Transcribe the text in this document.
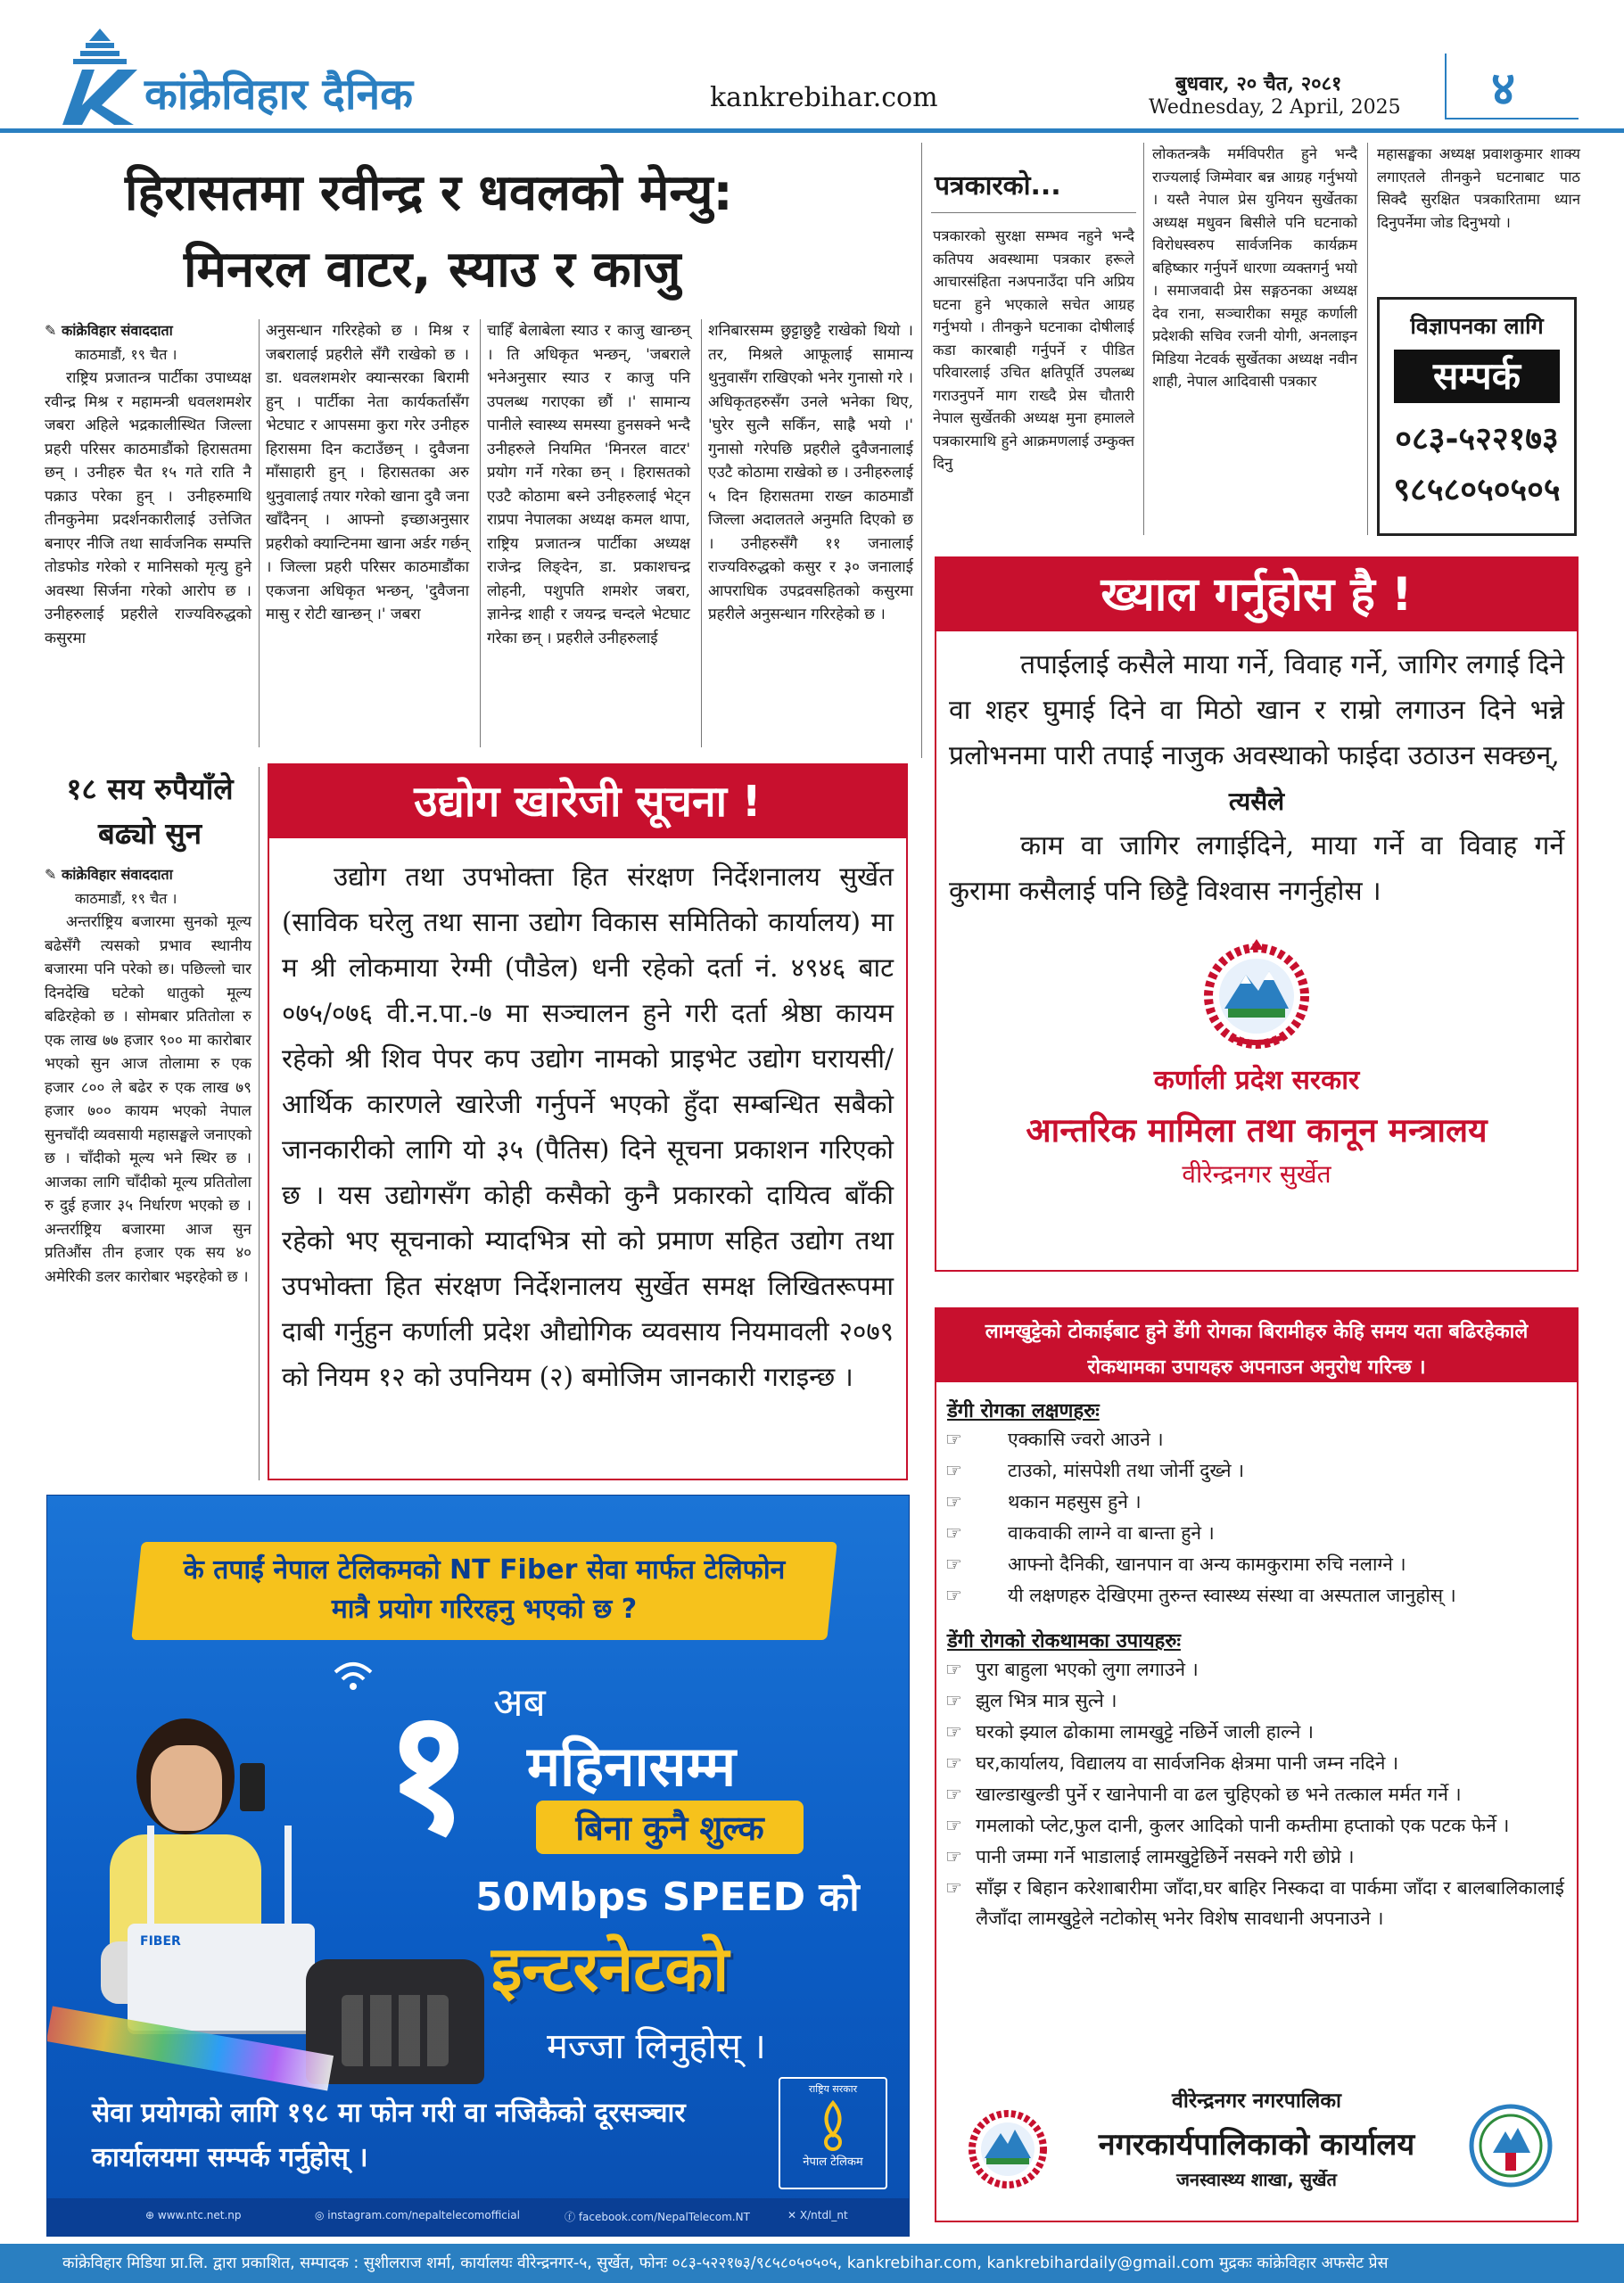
कांक्रेविहार दैनिक	kankrebihar.com	बुधवार, २० चैत, २०८१
Wednesday, 2 April, 2025 ४
हिरासतमा रवीन्द्र र धवलको मेन्यु:
मिनरल वाटर, स्याउ र काजु
✎ कांक्रेविहार संवाददाता
काठमाडौं, १९ चैत ।

राष्ट्रिय प्रजातन्त्र पार्टीका उपाध्यक्ष रवीन्द्र मिश्र र महामन्त्री धवलशमशेर जबरा अहिले भद्रकालीस्थित जिल्ला प्रहरी परिसर काठमाडौंको हिरासतमा छन् । उनीहरु चैत १५ गते राति नै पक्राउ परेका हुन् । उनीहरुमाथि तीनकुनेमा प्रदर्शनकारीलाई उत्तेजित बनाएर नीजि तथा सार्वजनिक सम्पत्ति तोडफोड गरेको र मानिसको मृत्यु हुने अवस्था सिर्जना गरेको आरोप छ । उनीहरुलाई प्रहरीले राज्यविरुद्धको कसुरमा

अनुसन्धान गरिरहेको छ । मिश्र र जबरालाई प्रहरीले सँगै राखेको छ । डा. धवलशमशेर क्यान्सरका बिरामी हुन् । पार्टीका नेता कार्यकर्तासँग भेटघाट र आपसमा कुरा गरेर उनीहरु हिरासमा दिन कटाउँछन् । दुवैजना माँसाहारी हुन् । हिरासतका अरु थुनुवालाई तयार गरेको खाना दुवै जना खाँदैनन् । आफ्नो इच्छाअनुसार प्रहरीको क्यान्टिनमा खाना अर्डर गर्छन् । जिल्ला प्रहरी परिसर काठमाडौंका एकजना अधिकृत भन्छन्, 'दुवैजना मासु र रोटी खान्छन् ।' जबरा

चाहिँ बेलाबेला स्याउ र काजु खान्छन् । ति अधिकृत भन्छन्, 'जबराले भनेअनुसार स्याउ र काजु पनि उपलब्ध गराएका छौं ।' सामान्य पानीले स्वास्थ्य समस्या हुनसक्ने भन्दै उनीहरुले नियमित 'मिनरल वाटर' प्रयोग गर्ने गरेका छन् । हिरासतको एउटै कोठामा बस्ने उनीहरुलाई भेट्न राप्रपा नेपालका अध्यक्ष कमल थापा, राष्ट्रिय प्रजातन्त्र पार्टीका अध्यक्ष राजेन्द्र लिङ्देन, डा. प्रकाशचन्द्र लोहनी, पशुपति शमशेर जबरा, ज्ञानेन्द्र शाही र जयन्द्र चन्दले भेटघाट गरेका छन् । प्रहरीले उनीहरुलाई

शनिबारसम्म छुट्टाछुट्टै राखेको थियो । तर, मिश्रले आफूलाई सामान्य थुनुवासँग राखिएको भनेर गुनासो गरे । अधिकृतहरुसँग उनले भनेका थिए, 'घुरेर सुत्नै सकिँन, साह्रै भयो ।' गुनासो गरेपछि प्रहरीले दुवैजनालाई एउटै कोठामा राखेको छ । उनीहरुलाई ५ दिन हिरासतमा राख्न काठमाडौं जिल्ला अदालतले अनुमति दिएको छ । उनीहरुसँगै ११ जनालाई राज्यविरुद्धको कसुर र ३० जनालाई आपराधिक उपद्रवसहितको कसुरमा प्रहरीले अनुसन्धान गरिरहेको छ ।

१८ सय रुपैयाँले बढ्यो सुन
✎ कांक्रेविहार संवाददाता
काठमाडौं, १९ चैत ।

अन्तर्राष्ट्रिय बजारमा सुनको मूल्य बढेसँगै त्यसको प्रभाव स्थानीय बजारमा पनि परेको छ। पछिल्लो चार दिनदेखि घटेको धातुको मूल्य बढिरहेको छ । सोमबार प्रतितोला रु एक लाख ७७ हजार ९०० मा कारोबार भएको सुन आज तोलामा रु एक हजार ८०० ले बढेर रु एक लाख ७९ हजार ७०० कायम भएको नेपाल सुनचाँदी व्यवसायी महासङ्घले जनाएको छ । चाँदीको मूल्य भने स्थिर छ । आजका लागि चाँदीको मूल्य प्रतितोला रु दुई हजार ३५ निर्धारण भएको छ । अन्तर्राष्ट्रिय बजारमा आज सुन प्रतिऔंस तीन हजार एक सय ४० अमेरिकी डलर कारोबार भइरहेको छ ।

उद्योग खारेजी सूचना !
उद्योग तथा उपभोक्ता हित संरक्षण निर्देशनालय सुर्खेत (साविक घरेलु तथा साना उद्योग विकास समितिको कार्यालय) मा म श्री लोकमाया रेग्मी (पौडेल) धनी रहेको दर्ता नं. ४९४६ बाट ०७५/०७६ वी.न.पा.-७ मा सञ्चालन हुने गरी दर्ता श्रेष्ठा कायम रहेको श्री शिव पेपर कप उद्योग नामको प्राइभेट उद्योग घरायसी/आर्थिक कारणले खारेजी गर्नुपर्ने भएको हुँदा सम्बन्धित सबैको जानकारीको लागि यो ३५ (पैतिस) दिने सूचना प्रकाशन गरिएको छ । यस उद्योगसँग कोही कसैको कुनै प्रकारको दायित्व बाँकी रहेको भए सूचनाको म्यादभित्र सो को प्रमाण सहित उद्योग तथा उपभोक्ता हित संरक्षण निर्देशनालय सुर्खेत समक्ष लिखितरूपमा दाबी गर्नुहुन कर्णाली प्रदेश औद्योगिक व्यवसाय नियमावली २०७९ को नियम १२ को उपनियम (२) बमोजिम जानकारी गराइन्छ ।
पत्रकारको...
पत्रकारको सुरक्षा सम्भव नहुने भन्दै कतिपय अवस्थामा पत्रकार हरूले आचारसंहिता नअपनाउँदा पनि अप्रिय घटना हुने भएकाले सचेत आग्रह गर्नुभयो । तीनकुने घटनाका दोषीलाई कडा कारबाही गर्नुपर्ने र पीडित परिवारलाई उचित क्षतिपूर्ति उपलब्ध गराउनुपर्ने माग राख्दै प्रेस चौतारी नेपाल सुर्खेतकी अध्यक्ष मुना हमालले पत्रकारमाथि हुने आक्रमणलाई उम्कुक्त दिनु
लोकतन्त्रकै मर्मविपरीत हुने भन्दै राज्यलाई जिम्मेवार बन्न आग्रह गर्नुभयो । यस्तै नेपाल प्रेस युनियन सुर्खेतका अध्यक्ष मधुवन बिसीले पनि घटनाको विरोधस्वरुप सार्वजनिक कार्यक्रम बहिष्कार गर्नुपर्ने धारणा व्यक्तगर्नु भयो । समाजवादी प्रेस सङ्गठनका अध्यक्ष देव राना, सञ्चारीका समूह कर्णाली प्रदेशकी सचिव रजनी योगी, अनलाइन मिडिया नेटवर्क सुर्खेतका अध्यक्ष नवीन शाही, नेपाल आदिवासी पत्रकार
महासङ्घका अध्यक्ष प्रवाशकुमार शाक्य लगाएतले तीनकुने घटनाबाट पाठ सिक्दै सुरक्षित पत्रकारितामा ध्यान दिनुपर्नेमा जोड दिनुभयो ।
विज्ञापनका लागि
सम्पर्क
०८३-५२२१७३
९८५८०५०५०५
ख्याल गर्नुहोस है !
तपाईलाई कसैले माया गर्ने, विवाह गर्ने, जागिर लगाई दिने वा शहर घुमाई दिने वा मिठो खान र राम्रो लगाउन दिने भन्ने प्रलोभनमा पारी तपाई नाजुक अवस्थाको फाईदा उठाउन सक्छन्,
त्यसैले
काम वा जागिर लगाईदिने, माया गर्ने वा विवाह गर्ने कुरामा कसैलाई पनि छिट्टै विश्वास नगर्नुहोस ।
कर्णाली प्रदेश सरकार
आन्तरिक मामिला तथा कानून मन्त्रालय
वीरेन्द्रनगर सुर्खेत
लामखुट्टेको टोकाईबाट हुने डेंगी रोगका बिरामीहरु केहि समय यता बढिरहेकाले रोकथामका उपायहरु अपनाउन अनुरोध गरिन्छ ।
डेंगी रोगका लक्षणहरुः
☞	एक्कासि ज्वरो आउने ।
☞	टाउको, मांसपेशी तथा जोर्नी दुख्ने ।
☞	थकान महसुस हुने ।
☞	वाकवाकी लाग्ने वा बान्ता हुने ।
☞	आफ्नो दैनिकी, खानपान वा अन्य कामकुरामा रुचि नलाग्ने ।
☞	यी लक्षणहरु देखिएमा तुरुन्त स्वास्थ्य संस्था वा अस्पताल जानुहोस् ।
डेंगी रोगको रोकथामका उपायहरुः
☞ पुरा बाहुला भएको लुगा लगाउने ।
☞ झुल भित्र मात्र सुत्ने ।
☞ घरको झ्याल ढोकामा लामखुट्टे नछिर्ने जाली हाल्ने ।
☞ घर,कार्यालय, विद्यालय वा सार्वजनिक क्षेत्रमा पानी जम्न नदिने ।
☞ खाल्डाखुल्डी पुर्ने र खानेपानी वा ढल चुहिएको छ भने तत्काल मर्मत गर्ने ।
☞ गमलाको प्लेट,फुल दानी, कुलर आदिको पानी कम्तीमा हप्ताको एक पटक फेर्ने ।
☞ पानी जम्मा गर्ने भाडालाई लामखुट्टेछिर्ने नसक्ने गरी छोप्ने ।
☞ साँझ र बिहान करेशाबारीमा जाँदा,घर बाहिर निस्कदा वा पार्कमा जाँदा र बालबालिकालाई लैजाँदा लामखुट्टेले नटोकोस् भनेर विशेष सावधानी अपनाउने ।
वीरेन्द्रनगर नगरपालिका
नगरकार्यपालिकाको कार्यालय
जनस्वास्थ्य शाखा, सुर्खेत
के तपाईं नेपाल टेलिकमको NT Fiber सेवा मार्फत टेलिफोन मात्रै प्रयोग गरिरहनु भएको छ ?
अब
१ महिनासम्म
बिना कुनै शुल्क
50Mbps SPEED को
FIBER	इन्टरनेटको
मज्जा लिनुहोस् ।
सेवा प्रयोगको लागि १९८ मा फोन गरी वा नजिकैको दूरसञ्चार कार्यालयमा सम्पर्क गर्नुहोस् ।
राष्ट्रिय सरकार
नेपाल टेलिकम
⊕ www.ntc.net.np	◎ instagram.com/nepaltelecomofficial	ⓕ facebook.com/NepalTelecom.NT	✕ X/ntdl_nt
कांक्रेविहार मिडिया प्रा.लि. द्वारा प्रकाशित, सम्पादक : सुशीलराज शर्मा, कार्यालयः वीरेन्द्रनगर-५, सुर्खेत, फोनः ०८३-५२२१७३/९८५८०५०५०५, kankrebihar.com, kankrebihardaily@gmail.com मुद्रकः कांक्रेविहार अफसेट प्रेस
